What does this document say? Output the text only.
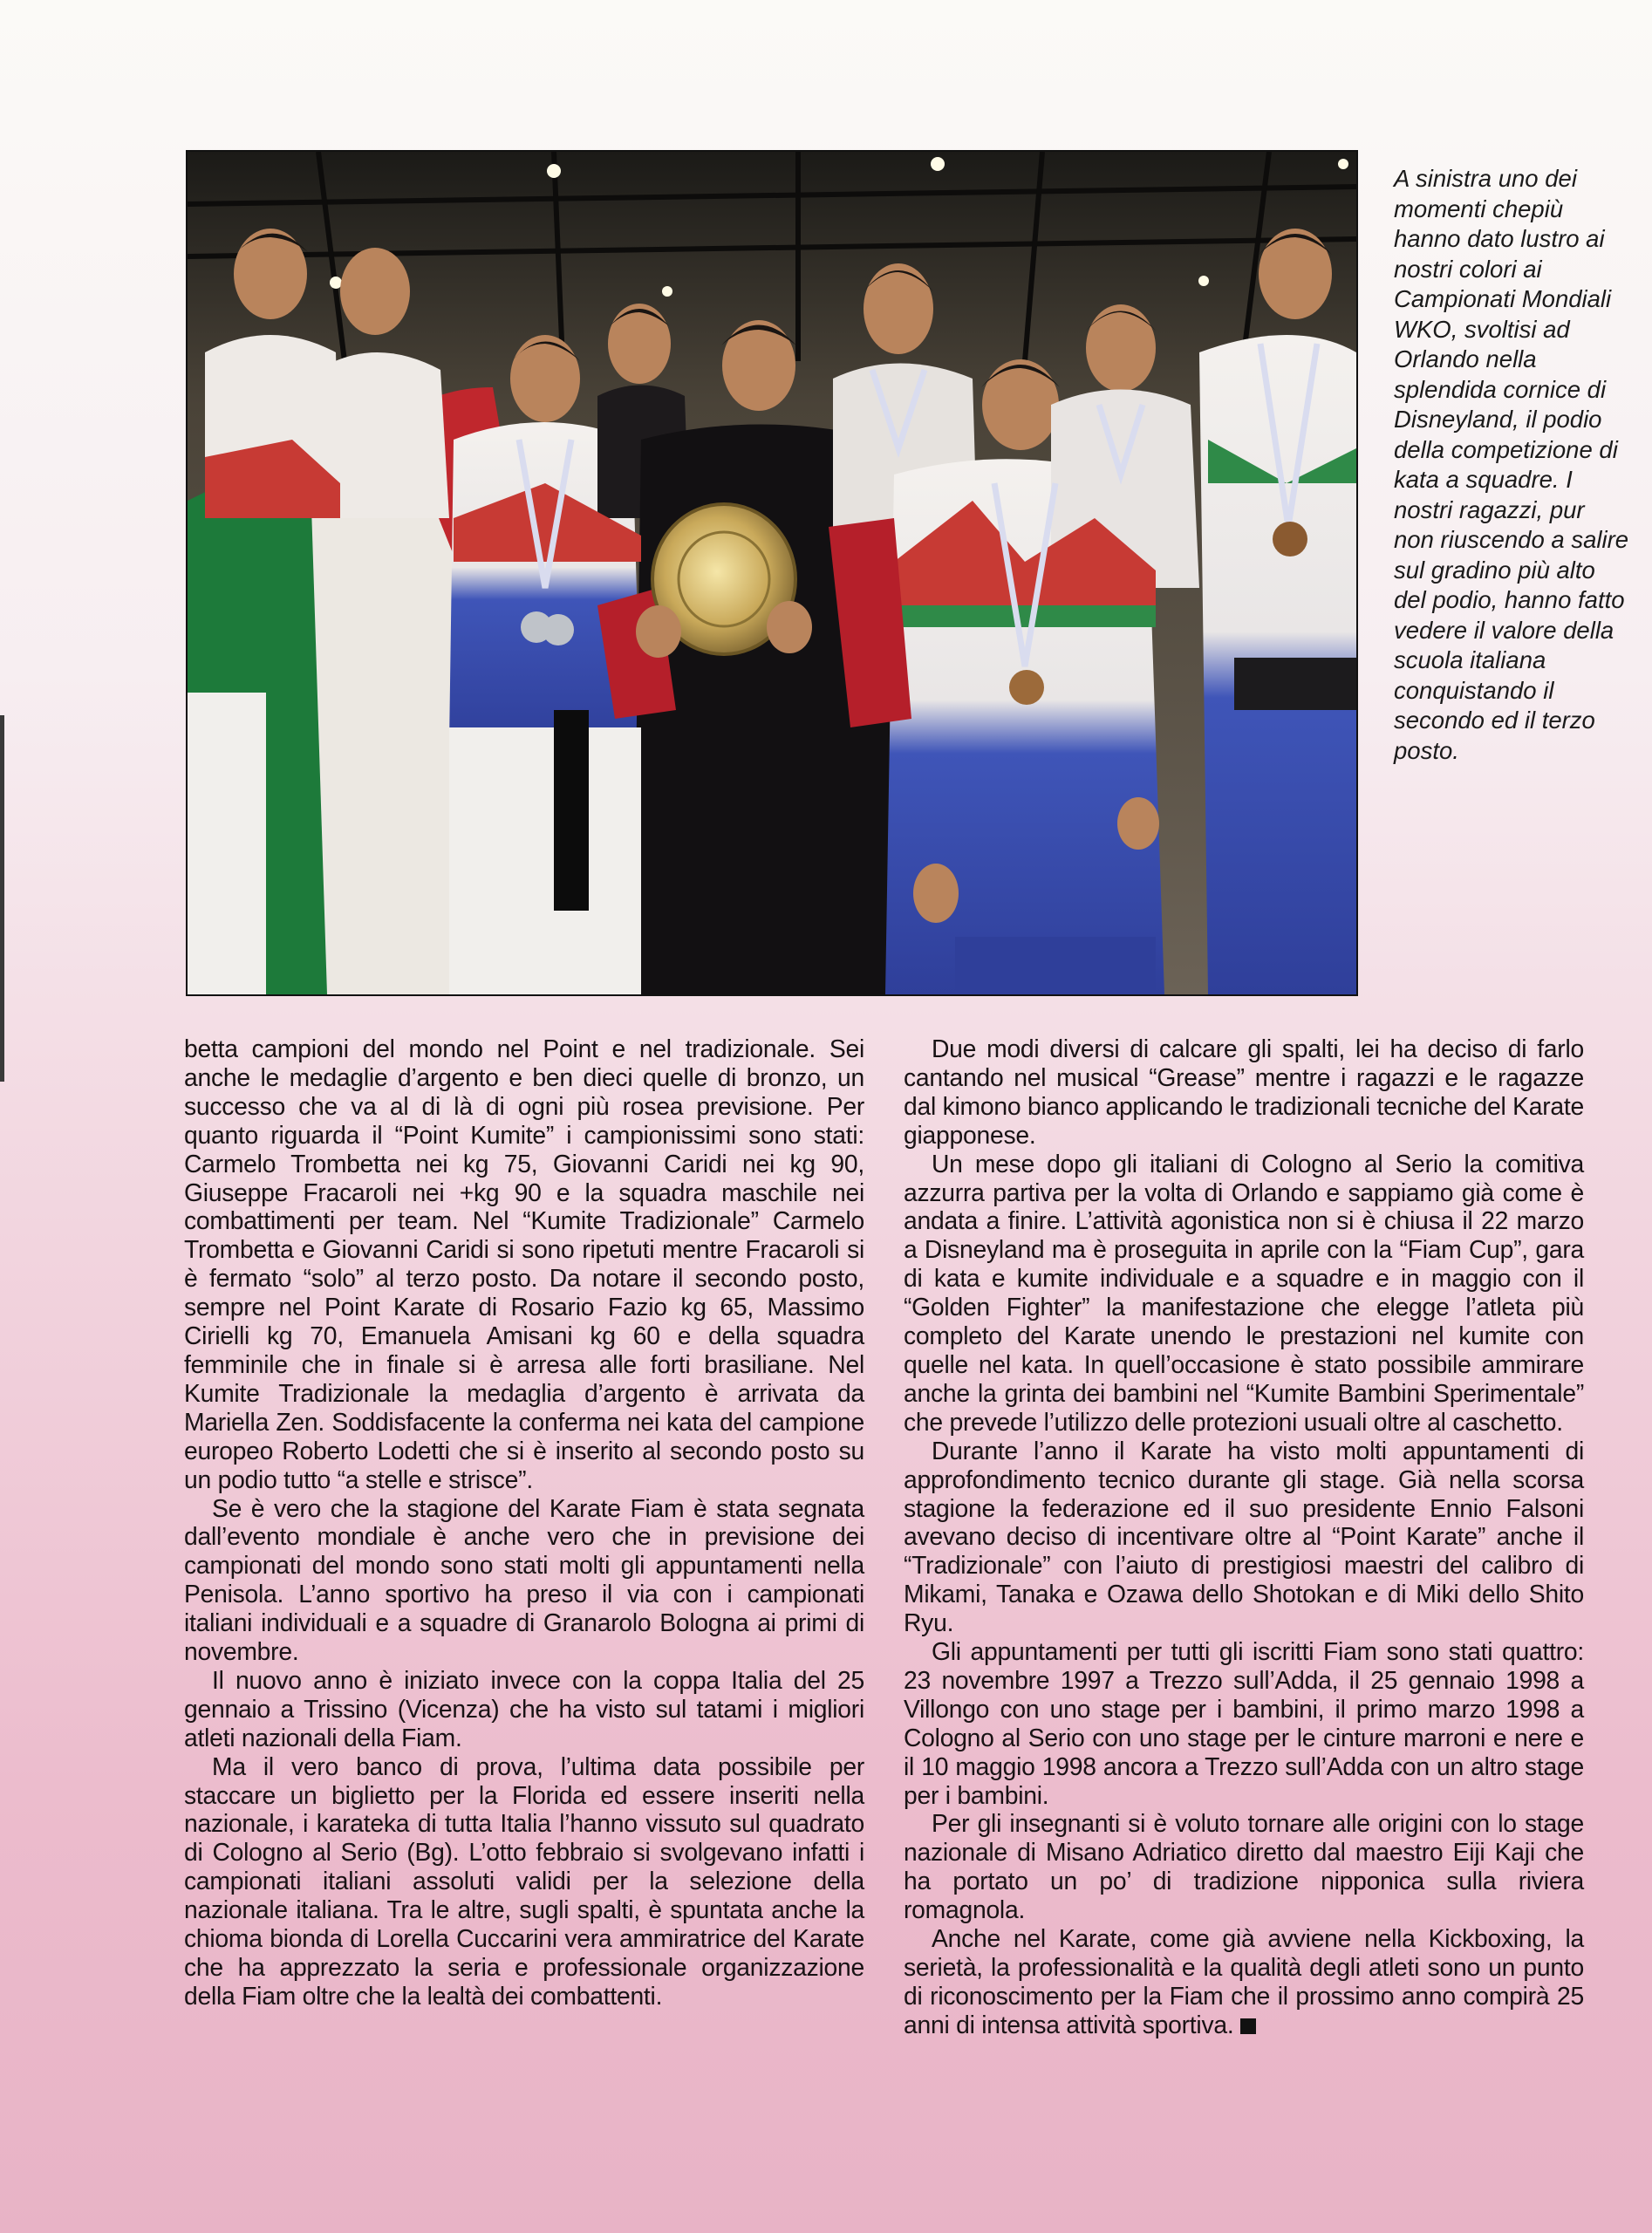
A sinistra uno dei momenti chepiù hanno dato lustro ai nostri colori ai Campionati Mondiali WKO, svoltisi ad Orlando nella splendida cornice di Disneyland, il podio della competizione di kata a squadre. I nostri ragazzi, pur non riuscendo a salire sul gradino più alto del podio, hanno fatto vedere il valore della scuola italiana conquistando il secondo ed il terzo posto.

betta campioni del mondo nel Point e nel tradizionale. Sei anche le medaglie d’argento e ben dieci quelle di bronzo, un successo che va al di là di ogni più rosea previsione. Per quanto riguarda il “Point Kumite” i campionissimi sono stati: Carmelo Trombetta nei kg 75, Giovanni Caridi nei kg 90, Giuseppe Fracaroli nei +kg 90 e la squadra maschile nei combattimenti per team. Nel “Kumite Tradizionale” Carmelo Trombetta e Giovanni Caridi si sono ripetuti mentre Fracaroli si è fermato “solo” al terzo posto. Da notare il secondo posto, sempre nel Point Karate di Rosario Fazio kg 65, Massimo Cirielli kg 70, Emanuela Amisani kg 60 e della squadra femminile che in finale si è arresa alle forti brasiliane. Nel Kumite Tradizionale la medaglia d’argento è arrivata da Mariella Zen. Soddisfacente la conferma nei kata del campione europeo Roberto Lodetti che si è inserito al secondo posto su un podio tutto “a stelle e strisce”.

Se è vero che la stagione del Karate Fiam è stata segnata dall’evento mondiale è anche vero che in previsione dei campionati del mondo sono stati molti gli appuntamenti nella Penisola. L’anno sportivo ha preso il via con i campionati italiani individuali e a squadre di Granarolo Bologna ai primi di novembre.

Il nuovo anno è iniziato invece con la coppa Italia del 25 gennaio a Trissino (Vicenza) che ha visto sul tatami i migliori atleti nazionali della Fiam.

Ma il vero banco di prova, l’ultima data possibile per staccare un biglietto per la Florida ed essere inseriti nella nazionale, i karateka di tutta Italia l’hanno vissuto sul quadrato di Cologno al Serio (Bg). L’otto febbraio si svolgevano infatti i campionati italiani assoluti validi per la selezione della nazionale italiana. Tra le altre, sugli spalti, è spuntata anche la chioma bionda di Lorella Cuccarini vera ammiratrice del Karate che ha apprezzato la seria e professionale organizzazione della Fiam oltre che la lealtà dei combattenti.

Due modi diversi di calcare gli spalti, lei ha deciso di farlo cantando nel musical “Grease” mentre i ragazzi e le ragazze dal kimono bianco applicando le tradizionali tecniche del Karate giapponese.

Un mese dopo gli italiani di Cologno al Serio la comitiva azzurra partiva per la volta di Orlando e sappiamo già come è andata a finire. L’attività agonistica non si è chiusa il 22 marzo a Disneyland ma è proseguita in aprile con la “Fiam Cup”, gara di kata e kumite individuale e a squadre e in maggio con il “Golden Fighter” la manifestazione che elegge l’atleta più completo del Karate unendo le prestazioni nel kumite con quelle nel kata. In quell’occasione è stato possibile ammirare anche la grinta dei bambini nel “Kumite Bambini Sperimentale” che prevede l’utilizzo delle protezioni usuali oltre al caschetto.

Durante l’anno il Karate ha visto molti appuntamenti di approfondimento tecnico durante gli stage. Già nella scorsa stagione la federazione ed il suo presidente Ennio Falsoni avevano deciso di incentivare oltre al “Point Karate” anche il “Tradizionale” con l’aiuto di prestigiosi maestri del calibro di Mikami, Tanaka e Ozawa dello Shotokan e di Miki dello Shito Ryu.

Gli appuntamenti per tutti gli iscritti Fiam sono stati quattro: 23 novembre 1997 a Trezzo sull’Adda, il 25 gennaio 1998 a Villongo con uno stage per i bambini, il primo marzo 1998 a Cologno al Serio con uno stage per le cinture marroni e nere e il 10 maggio 1998 ancora a Trezzo sull’Adda con un altro stage per i bambini.

Per gli insegnanti si è voluto tornare alle origini con lo stage nazionale di Misano Adriatico diretto dal maestro Eiji Kaji che ha portato un po’ di tradizione nipponica sulla riviera romagnola.

Anche nel Karate, come già avviene nella Kickboxing, la serietà, la professionalità e la qualità degli atleti sono un punto di riconoscimento per la Fiam che il prossimo anno compirà 25 anni di intensa attività sportiva.
